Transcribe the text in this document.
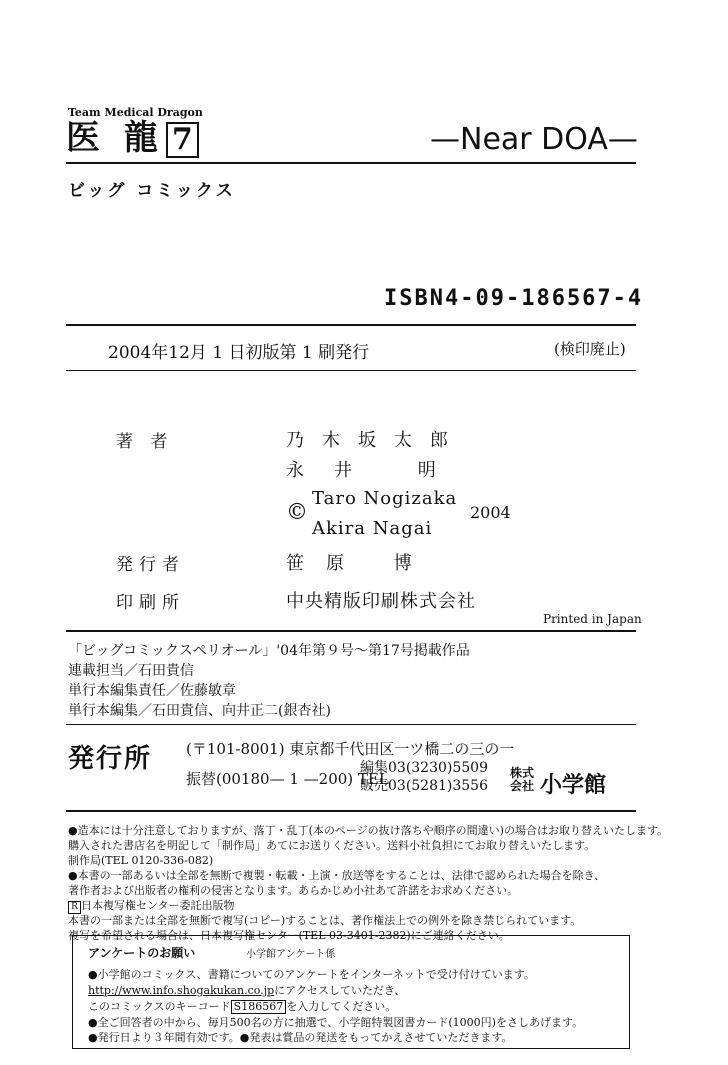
Team Medical Dragon
医 龍 7	—Near DOA—
ビッグ コミックス
ISBN4-09-186567-4
2004年12月 1 日初版第 1 刷発行	(検印廃止)
著 者	乃木坂太郎
永井 明
©
Taro Nogizaka
Akira Nagai
2004
発行者	笹原 博
印刷所	中央精版印刷株式会社
Printed in Japan
「ビッグコミックスペリオール」'04年第９号～第17号掲載作品
連載担当／石田貴信
単行本編集責任／佐藤敏章
単行本編集／石田貴信、向井正二(銀杏社)
発行所 (〒101-8001) 東京都千代田区一ツ橋二の三の一
振替(00180— 1 —200) TEL
編集03(3230)5509
販売03(5281)3556
株式
会社 小学館
●造本には十分注意しておりますが、落丁・乱丁(本のページの抜け落ちや順序の間違い)の場合はお取り替えいたします。
購入された書店名を明記して「制作局」あてにお送りください。送料小社負担にてお取り替えいたします。
制作局(TEL 0120-336-082)
●本書の一部あるいは全部を無断で複製・転載・上演・放送等をすることは、法律で認められた場合を除き、
著作者および出版者の権利の侵害となります。あらかじめ小社あて許諾をお求めください。
R 日本複写権センター委託出版物
本書の一部または全部を無断で複写(コピー)することは、著作権法上での例外を除き禁じられています。
複写を希望される場合は、日本複写権センター(TEL 03-3401-2382)にご連絡ください。
アンケートのお願い	小学館アンケート係
●小学館のコミックス、書籍についてのアンケートをインターネットで受け付けています。
http://www.info.shogakukan.co.jpにアクセスしていただき、
このコミックスのキーコード S186567 を入力してください。
●全ご回答者の中から、毎月500名の方に抽選で、小学館特製図書カード(1000円)をさしあげます。
●発行日より３年間有効です。●発表は賞品の発送をもってかえさせていただきます。
